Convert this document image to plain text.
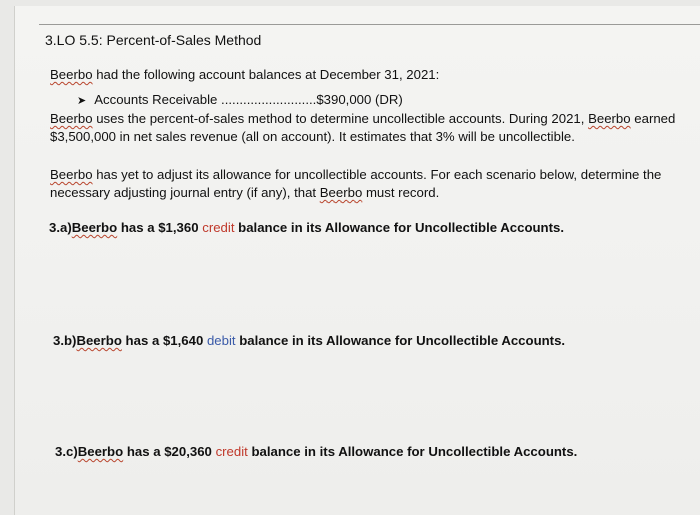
3.LO 5.5: Percent-of-Sales Method

Beerbo had the following account balances at December 31, 2021:

➤ Accounts Receivable ..........................$390,000 (DR)

Beerbo uses the percent-of-sales method to determine uncollectible accounts. During 2021, Beerbo earned

$3,500,000 in net sales revenue (all on account). It estimates that 3% will be uncollectible.

Beerbo has yet to adjust its allowance for uncollectible accounts. For each scenario below, determine the

necessary adjusting journal entry (if any), that Beerbo must record.

3.a)Beerbo has a $1,360 credit balance in its Allowance for Uncollectible Accounts.
3.b)Beerbo has a $1,640 debit balance in its Allowance for Uncollectible Accounts.
3.c)Beerbo has a $20,360 credit balance in its Allowance for Uncollectible Accounts.
